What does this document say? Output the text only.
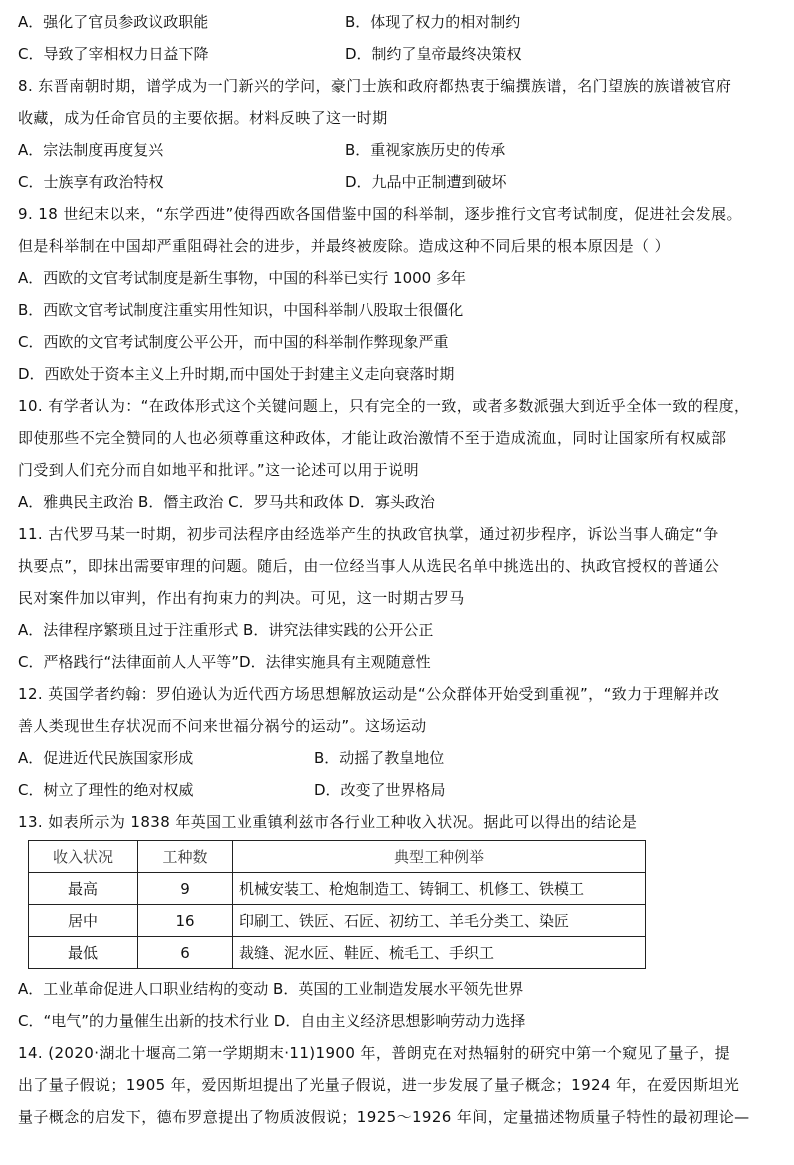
A．强化了官员参政议政职能	B．体现了权力的相对制约
C．导致了宰相权力日益下降	D．制约了皇帝最终决策权
8. 东晋南朝时期，谱学成为一门新兴的学问，豪门士族和政府都热衷于编撰族谱，名门望族的族谱被官府
收藏，成为任命官员的主要依据。材料反映了这一时期
A．宗法制度再度复兴	B．重视家族历史的传承
C．士族享有政治特权	D．九品中正制遭到破坏
9. 18 世纪末以来，“东学西进”使得西欧各国借鉴中国的科举制，逐步推行文官考试制度，促进社会发展。
但是科举制在中国却严重阻碍社会的进步，并最终被废除。造成这种不同后果的根本原因是（ ）
A．西欧的文官考试制度是新生事物，中国的科举已实行 1000 多年
B．西欧文官考试制度注重实用性知识，中国科举制八股取士很僵化
C．西欧的文官考试制度公平公开，而中国的科举制作弊现象严重
D．西欧处于资本主义上升时期,而中国处于封建主义走向衰落时期
10. 有学者认为：“在政体形式这个关键问题上，只有完全的一致，或者多数派强大到近乎全体一致的程度，
即使那些不完全赞同的人也必须尊重这种政体，才能让政治激情不至于造成流血，同时让国家所有权威部
门受到人们充分而自如地平和批评。”这一论述可以用于说明
A．雅典民主政治 B．僭主政治 C．罗马共和政体 D．寡头政治
11. 古代罗马某一时期，初步司法程序由经选举产生的执政官执掌，通过初步程序，诉讼当事人确定“争
执要点”，即抹出需要审理的问题。随后，由一位经当事人从选民名单中挑选出的、执政官授权的普通公
民对案件加以审判，作出有拘束力的判决。可见，这一时期古罗马
A．法律程序繁琐且过于注重形式 B．讲究法律实践的公开公正
C．严格践行“法律面前人人平等”D．法律实施具有主观随意性
12. 英国学者约翰：罗伯逊认为近代西方场思想解放运动是“公众群体开始受到重视”，“致力于理解并改
善人类现世生存状况而不问来世福分祸兮的运动”。这场运动
A．促进近代民族国家形成	B．动摇了教皇地位
C．树立了理性的绝对权威	D．改变了世界格局
13. 如表所示为 1838 年英国工业重镇利兹市各行业工种收入状况。据此可以得出的结论是
收入状况	工种数	典型工种例举
最高	9	机械安装工、枪炮制造工、铸铜工、机修工、铁模工
居中	16	印刷工、铁匠、石匠、初纺工、羊毛分类工、染匠
最低	6	裁缝、泥水匠、鞋匠、梳毛工、手织工
A．工业革命促进人口职业结构的变动 B．英国的工业制造发展水平领先世界
C．“电气”的力量催生出新的技术行业 D．自由主义经济思想影响劳动力选择
14. (2020·湖北十堰高二第一学期期末·11)1900 年，普朗克在对热辐射的研究中第一个窥见了量子，提
出了量子假说；1905 年，爱因斯坦提出了光量子假说，进一步发展了量子概念；1924 年，在爱因斯坦光
量子概念的启发下，德布罗意提出了物质波假说；1925～1926 年间，定量描述物质量子特性的最初理论—
